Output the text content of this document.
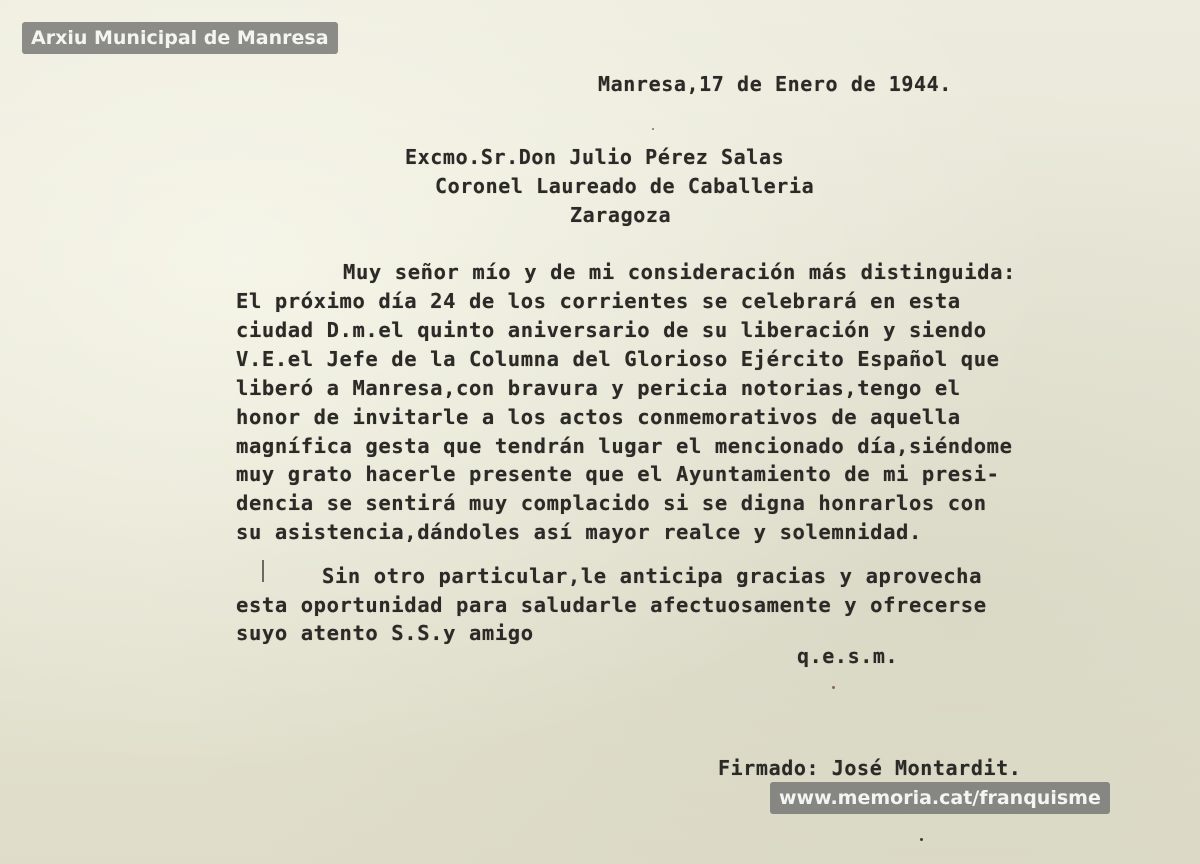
Arxiu Municipal de Manresa
Manresa,17 de Enero de 1944.
Excmo.Sr.Don Julio Pérez Salas
Coronel Laureado de Caballeria
Zaragoza
Muy señor mío y de mi consideración más distinguida:
El próximo día 24 de los corrientes se celebrará en esta
ciudad D.m.el quinto aniversario de su liberación y siendo
V.E.el Jefe de la Columna del Glorioso Ejército Español que
liberó a Manresa,con bravura y pericia notorias,tengo el
honor de invitarle a los actos conmemorativos de aquella
magnífica gesta que tendrán lugar el mencionado día,siéndome
muy grato hacerle presente que el Ayuntamiento de mi presi-
dencia se sentirá muy complacido si se digna honrarlos con
su asistencia,dándoles así mayor realce y solemnidad.
Sin otro particular,le anticipa gracias y aprovecha
esta oportunidad para saludarle afectuosamente y ofrecerse
suyo atento S.S.y amigo
q.e.s.m.
Firmado: José Montardit.
www.memoria.cat/franquisme
